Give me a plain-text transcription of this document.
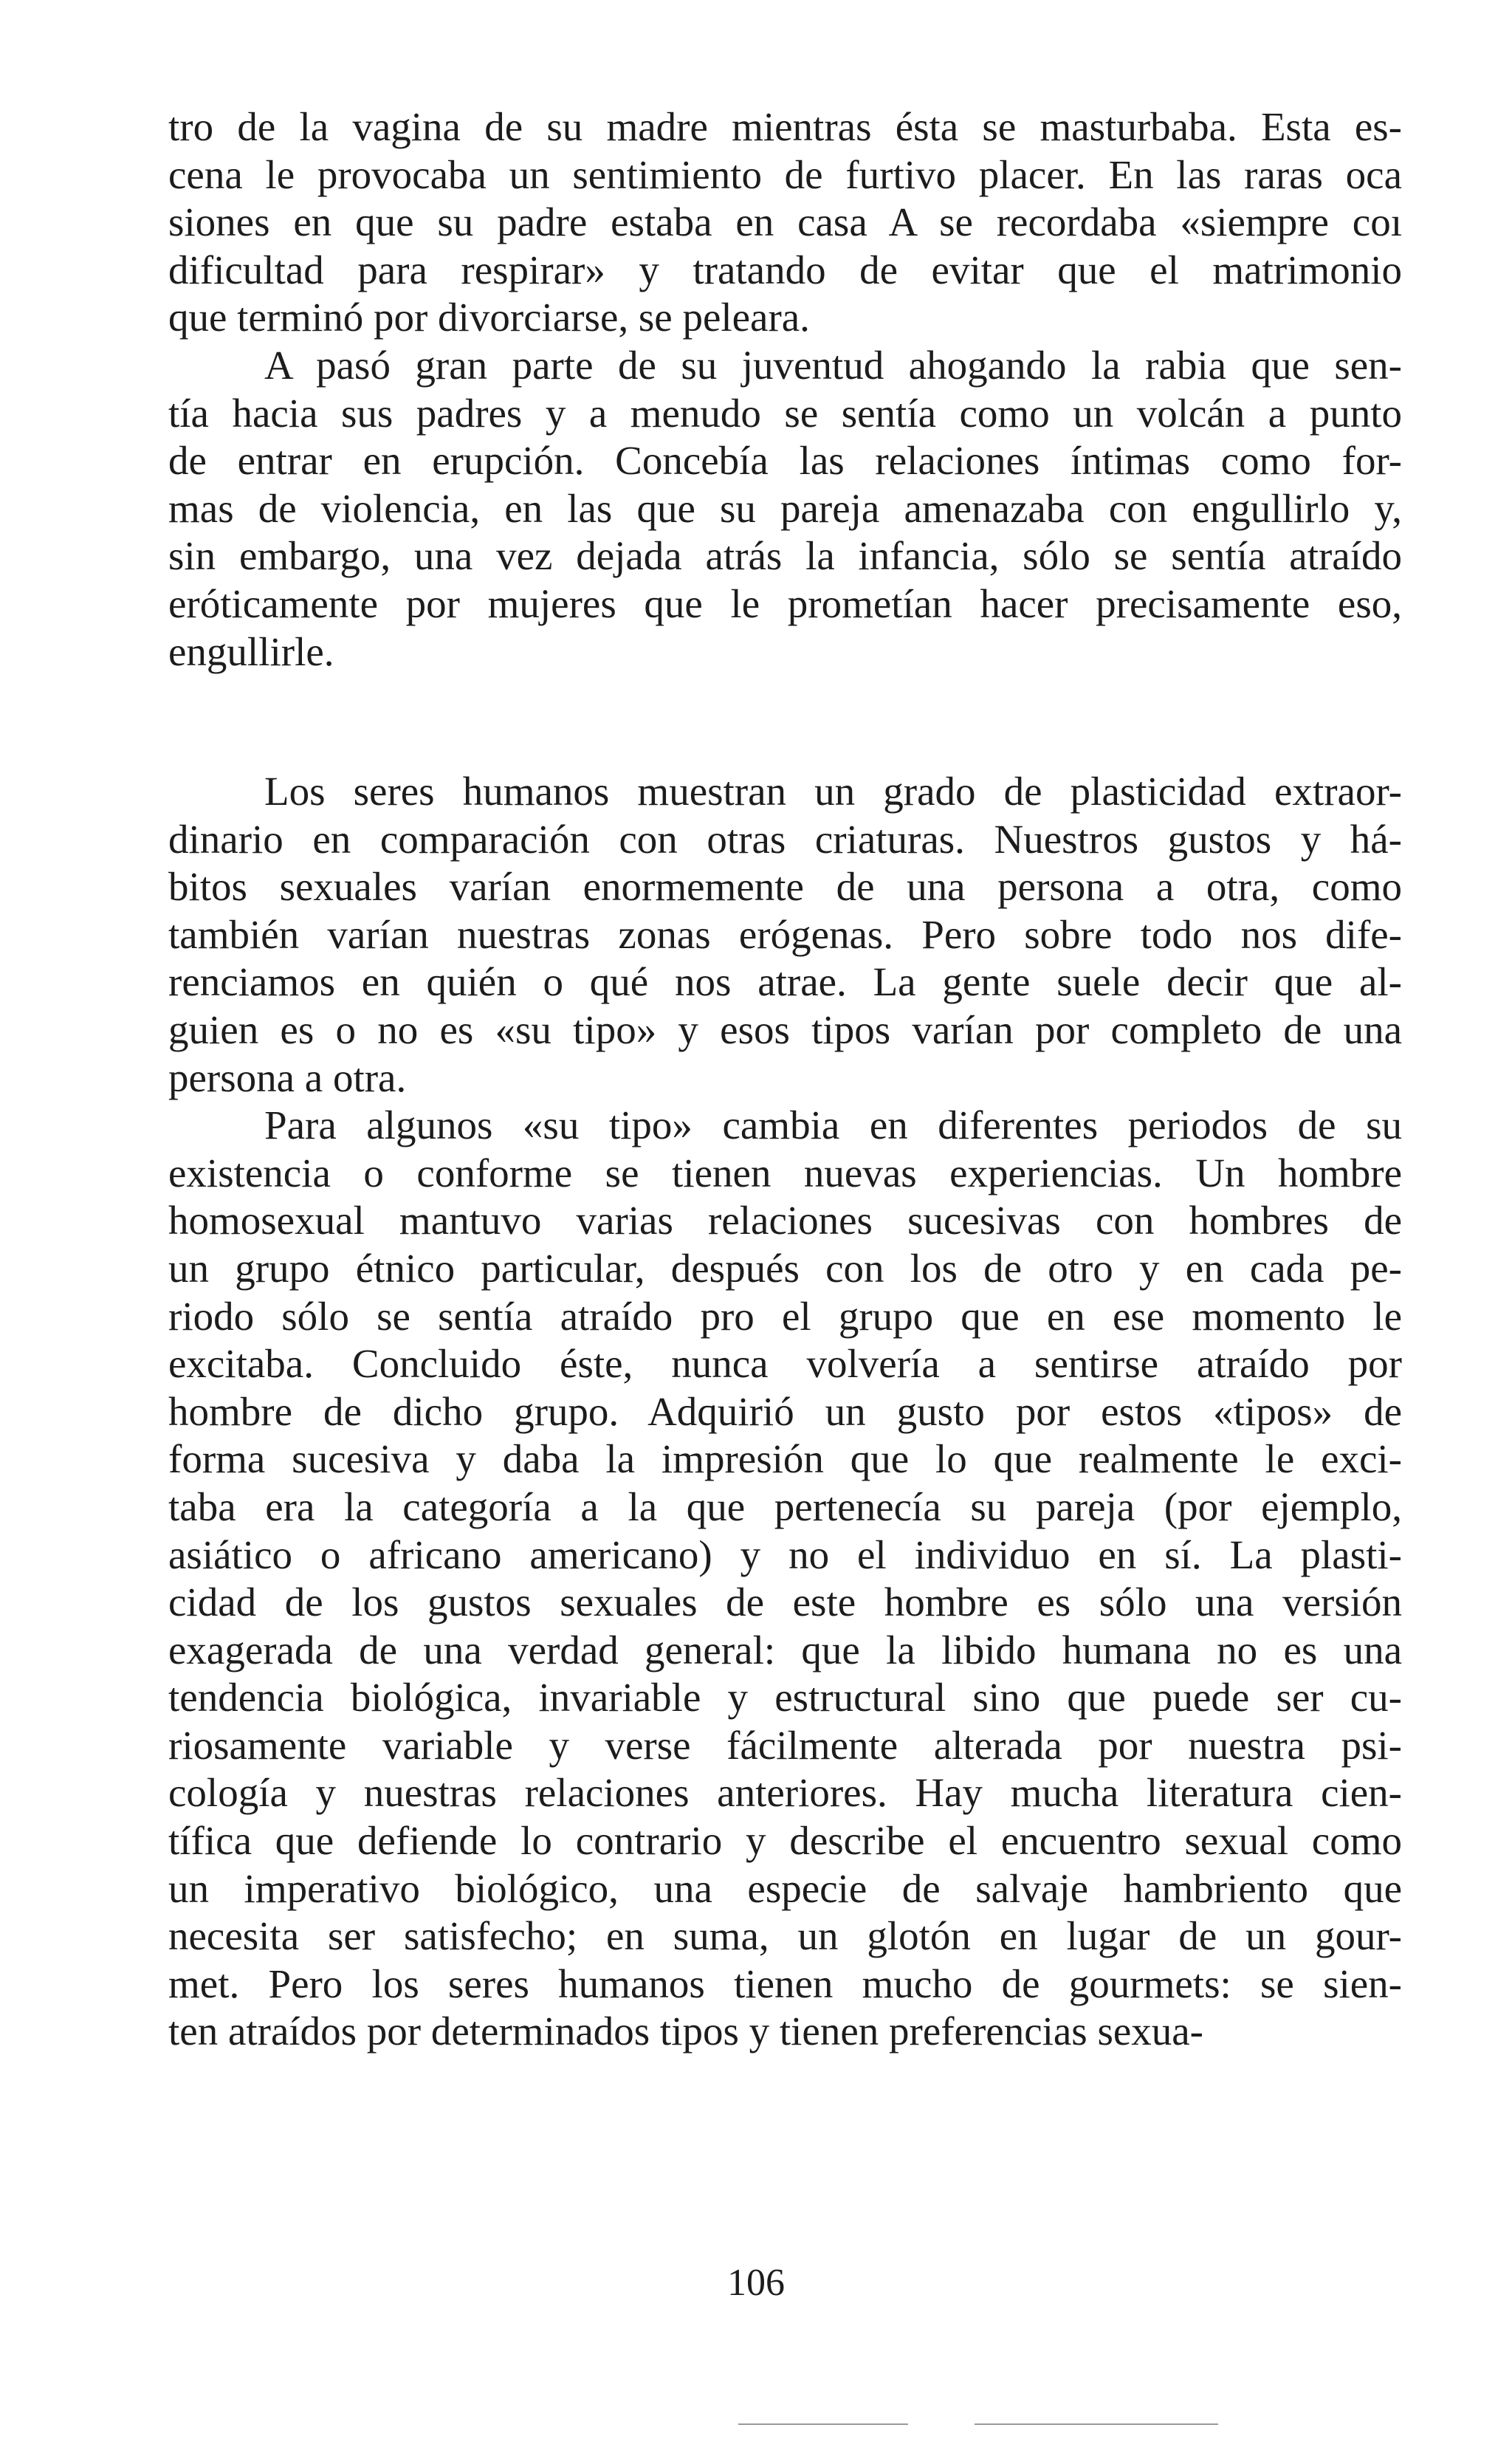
tro de la vagina de su madre mientras ésta se masturbaba. Esta es-
cena le provocaba un sentimiento de furtivo placer. En las raras oca
siones en que su padre estaba en casa A se recordaba «siempre coı
dificultad para respirar» y tratando de evitar que el matrimonio
que terminó por divorciarse, se peleara.
A pasó gran parte de su juventud ahogando la rabia que sen-
tía hacia sus padres y a menudo se sentía como un volcán a punto
de entrar en erupción. Concebía las relaciones íntimas como for-
mas de violencia, en las que su pareja amenazaba con engullirlo y,
sin embargo, una vez dejada atrás la infancia, sólo se sentía atraído
eróticamente por mujeres que le prometían hacer precisamente eso,
engullirle.
Los seres humanos muestran un grado de plasticidad extraor-
dinario en comparación con otras criaturas. Nuestros gustos y há-
bitos sexuales varían enormemente de una persona a otra, como
también varían nuestras zonas erógenas. Pero sobre todo nos dife-
renciamos en quién o qué nos atrae. La gente suele decir que al-
guien es o no es «su tipo» y esos tipos varían por completo de una
persona a otra.
Para algunos «su tipo» cambia en diferentes periodos de su
existencia o conforme se tienen nuevas experiencias. Un hombre
homosexual mantuvo varias relaciones sucesivas con hombres de
un grupo étnico particular, después con los de otro y en cada pe-
riodo sólo se sentía atraído pro el grupo que en ese momento le
excitaba. Concluido éste, nunca volvería a sentirse atraído por
hombre de dicho grupo. Adquirió un gusto por estos «tipos» de
forma sucesiva y daba la impresión que lo que realmente le exci-
taba era la categoría a la que pertenecía su pareja (por ejemplo,
asiático o africano americano) y no el individuo en sí. La plasti-
cidad de los gustos sexuales de este hombre es sólo una versión
exagerada de una verdad general: que la libido humana no es una
tendencia biológica, invariable y estructural sino que puede ser cu-
riosamente variable y verse fácilmente alterada por nuestra psi-
cología y nuestras relaciones anteriores. Hay mucha literatura cien-
tífica que defiende lo contrario y describe el encuentro sexual como
un imperativo biológico, una especie de salvaje hambriento que
necesita ser satisfecho; en suma, un glotón en lugar de un gour-
met. Pero los seres humanos tienen mucho de gourmets: se sien-
ten atraídos por determinados tipos y tienen preferencias sexua-
106
